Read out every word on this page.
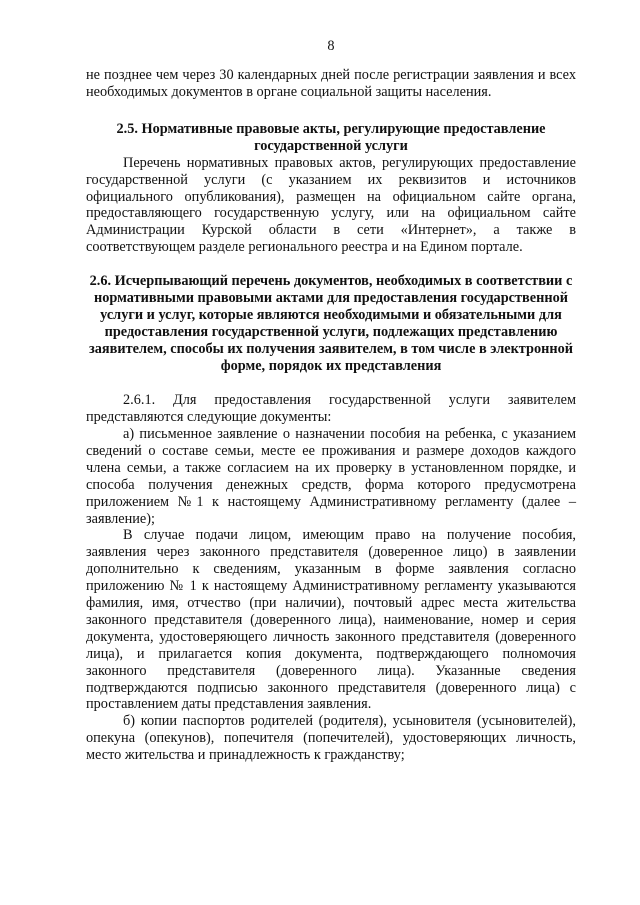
8

не позднее чем через 30 календарных дней после регистрации заявления и всех необходимых документов в органе социальной защиты населения.

2.5. Нормативные правовые акты, регулирующие предоставление государственной услуги

Перечень нормативных правовых актов, регулирующих предоставление государственной услуги (с указанием их реквизитов и источников официального опубликования), размещен на официальном сайте органа, предоставляющего государственную услугу, или на официальном сайте Администрации Курской области в сети «Интернет», а также в соответствующем разделе регионального реестра и на Едином портале.

2.6. Исчерпывающий перечень документов, необходимых в соответствии с нормативными правовыми актами для предоставления государственной услуги и услуг, которые являются необходимыми и обязательными для предоставления государственной услуги, подлежащих представлению заявителем, способы их получения заявителем, в том числе в электронной форме, порядок их представления

2.6.1. Для предоставления государственной услуги заявителем представляются следующие документы:

а) письменное заявление о назначении пособия на ребенка, с указанием сведений о составе семьи, месте ее проживания и размере доходов каждого члена семьи, а также согласием на их проверку в установленном порядке, и способа получения денежных средств, форма которого предусмотрена приложением №1 к настоящему Административному регламенту (далее – заявление);

В случае подачи лицом, имеющим право на получение пособия, заявления через законного представителя (доверенное лицо) в заявлении дополнительно к сведениям, указанным в форме заявления согласно приложению № 1 к настоящему Административному регламенту указываются фамилия, имя, отчество (при наличии), почтовый адрес места жительства законного представителя (доверенного лица), наименование, номер и серия документа, удостоверяющего личность законного представителя (доверенного лица), и прилагается копия документа, подтверждающего полномочия законного представителя (доверенного лица). Указанные сведения подтверждаются подписью законного представителя (доверенного лица) с проставлением даты представления заявления.

б) копии паспортов родителей (родителя), усыновителя (усыновителей), опекуна (опекунов), попечителя (попечителей), удостоверяющих личность, место жительства и принадлежность к гражданству;
